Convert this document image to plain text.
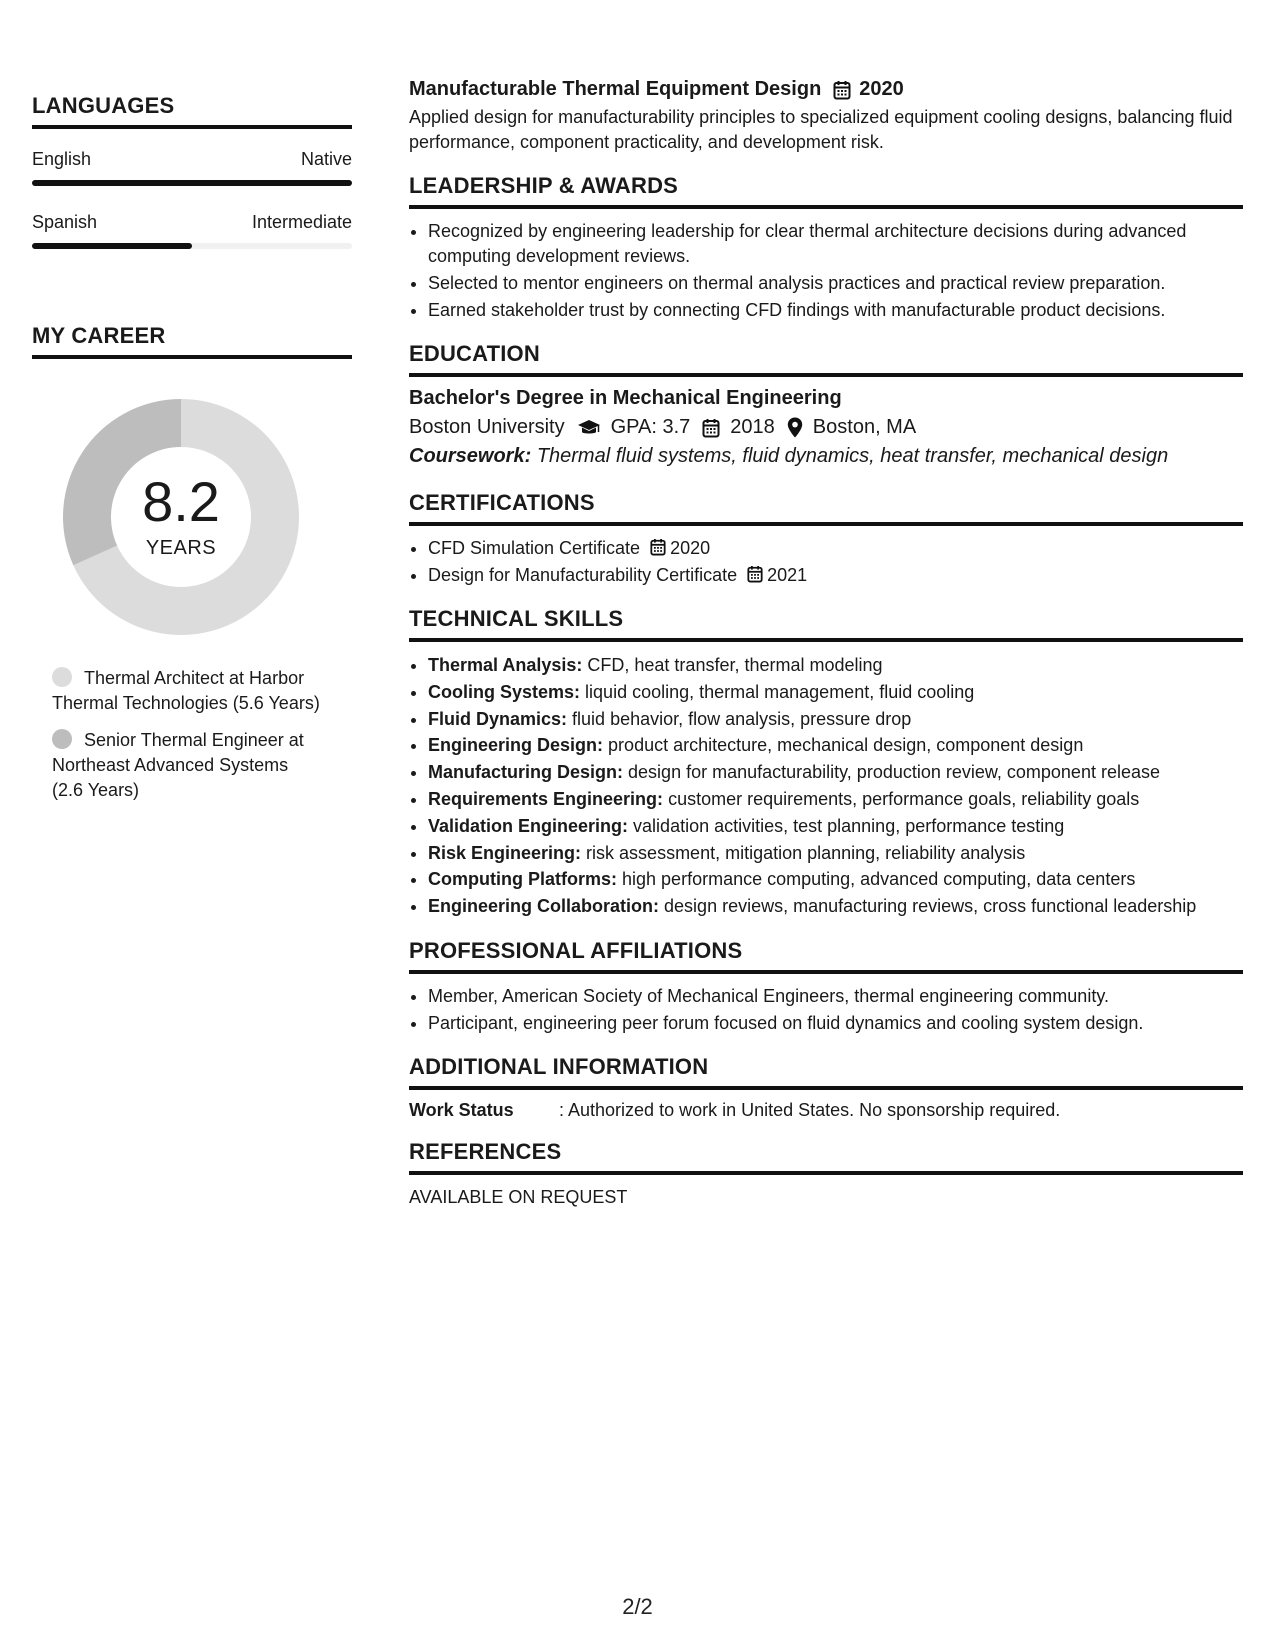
LANGUAGES
English	Native
Spanish	Intermediate
MY CAREER
8.2
YEARS
Thermal Architect at Harbor Thermal Technologies (5.6 Years)
Senior Thermal Engineer at Northeast Advanced Systems (2.6 Years)
Manufacturable Thermal Equipment Design 2020
Applied design for manufacturability principles to specialized equipment cooling designs, balancing fluid performance, component practicality, and development risk.
LEADERSHIP & AWARDS
• Recognized by engineering leadership for clear thermal architecture decisions during advanced computing development reviews.
• Selected to mentor engineers on thermal analysis practices and practical review preparation.
• Earned stakeholder trust by connecting CFD findings with manufacturable product decisions.
EDUCATION
Bachelor's Degree in Mechanical Engineering
Boston University GPA: 3.7 2018 Boston, MA
Coursework: Thermal fluid systems, fluid dynamics, heat transfer, mechanical design
CERTIFICATIONS
• CFD Simulation Certificate 2020
• Design for Manufacturability Certificate 2021
TECHNICAL SKILLS
• Thermal Analysis: CFD, heat transfer, thermal modeling
• Cooling Systems: liquid cooling, thermal management, fluid cooling
• Fluid Dynamics: fluid behavior, flow analysis, pressure drop
• Engineering Design: product architecture, mechanical design, component design
• Manufacturing Design: design for manufacturability, production review, component release
• Requirements Engineering: customer requirements, performance goals, reliability goals
• Validation Engineering: validation activities, test planning, performance testing
• Risk Engineering: risk assessment, mitigation planning, reliability analysis
• Computing Platforms: high performance computing, advanced computing, data centers
• Engineering Collaboration: design reviews, manufacturing reviews, cross functional leadership
PROFESSIONAL AFFILIATIONS
• Member, American Society of Mechanical Engineers, thermal engineering community.
• Participant, engineering peer forum focused on fluid dynamics and cooling system design.
ADDITIONAL INFORMATION
Work Status	: Authorized to work in United States. No sponsorship required.
REFERENCES
AVAILABLE ON REQUEST
2/2
